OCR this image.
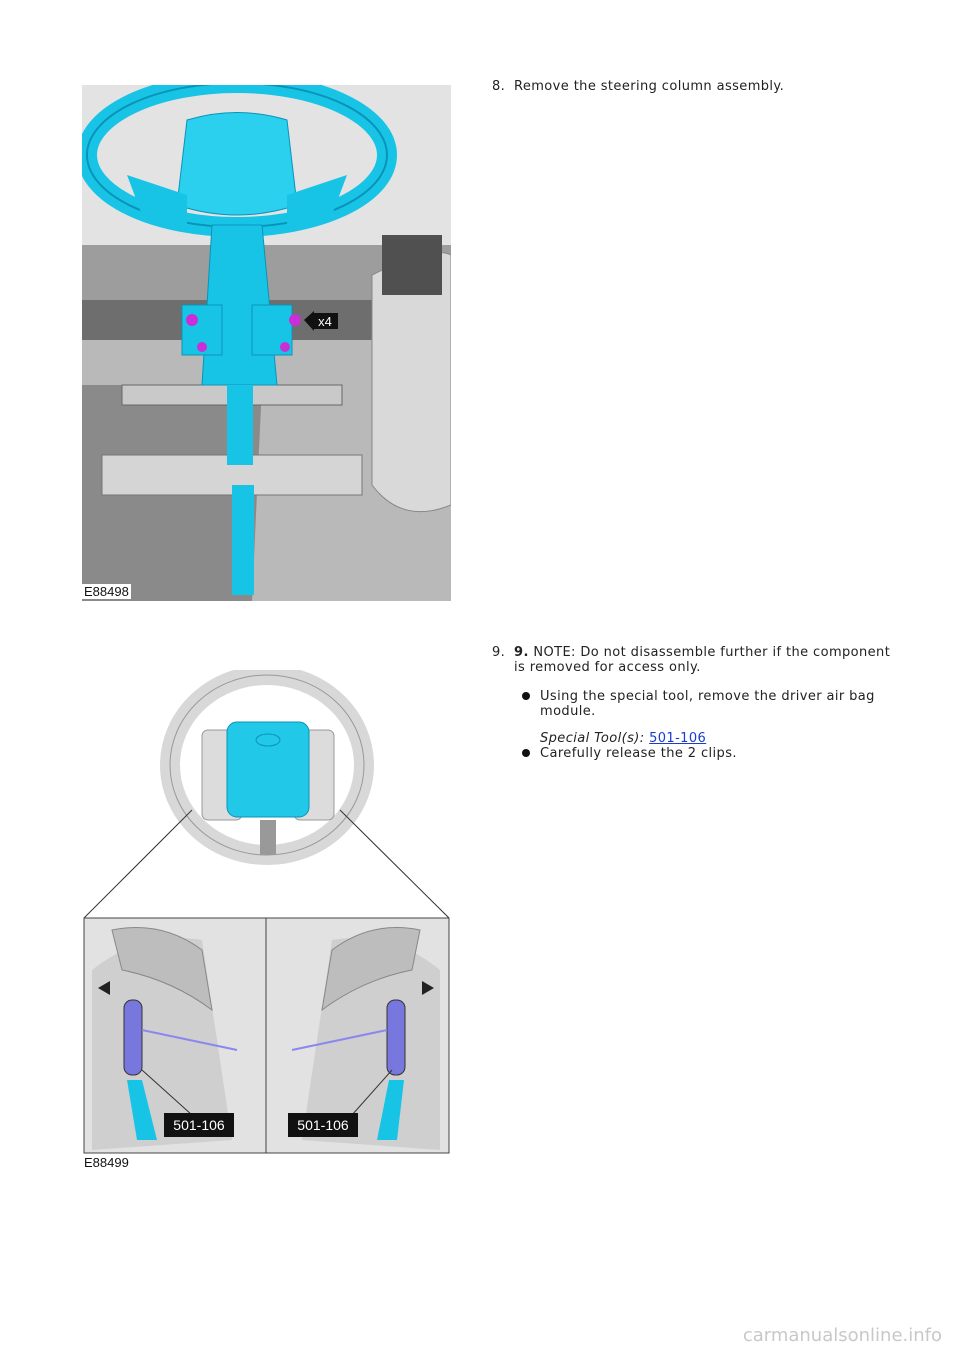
x4
E88498
8. Remove the steering column assembly.
501-106	501-106
E88499
9. 9. NOTE: Do not disassemble further if the component is removed for access only.
Using the special tool, remove the driver air bag module.
Special Tool(s): 501-106
Carefully release the 2 clips.
carmanualsonline.info
